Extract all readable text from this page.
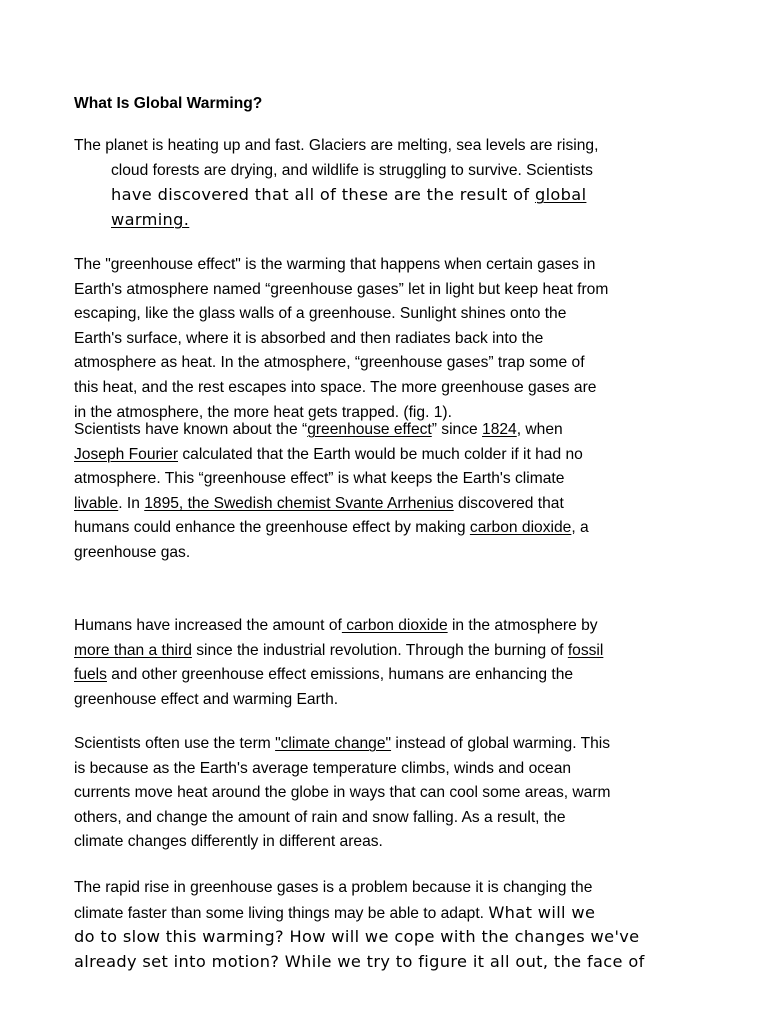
What Is Global Warming?
The planet is heating up and fast. Glaciers are melting, sea levels are rising,
cloud forests are drying, and wildlife is struggling to survive. Scientists
have discovered that all of these are the result of global
warming.
The "greenhouse effect" is the warming that happens when certain gases in
Earth's atmosphere named “greenhouse gases” let in light but keep heat from
escaping, like the glass walls of a greenhouse. Sunlight shines onto the
Earth's surface, where it is absorbed and then radiates back into the
atmosphere as heat. In the atmosphere, “greenhouse gases” trap some of
this heat, and the rest escapes into space. The more greenhouse gases are
in the atmosphere, the more heat gets trapped. (fig. 1).
Scientists have known about the “greenhouse effect” since 1824, when
Joseph Fourier calculated that the Earth would be much colder if it had no
atmosphere. This “greenhouse effect” is what keeps the Earth's climate
livable. In 1895, the Swedish chemist Svante Arrhenius discovered that
humans could enhance the greenhouse effect by making carbon dioxide, a
greenhouse gas.
Humans have increased the amount of carbon dioxide in the atmosphere by
more than a third since the industrial revolution. Through the burning of fossil
fuels and other greenhouse effect emissions, humans are enhancing the
greenhouse effect and warming Earth.
Scientists often use the term "climate change" instead of global warming. This
is because as the Earth's average temperature climbs, winds and ocean
currents move heat around the globe in ways that can cool some areas, warm
others, and change the amount of rain and snow falling. As a result, the
climate changes differently in different areas.
The rapid rise in greenhouse gases is a problem because it is changing the
climate faster than some living things may be able to adapt. What will we
do to slow this warming? How will we cope with the changes we've
already set into motion? While we try to figure it all out, the face of
